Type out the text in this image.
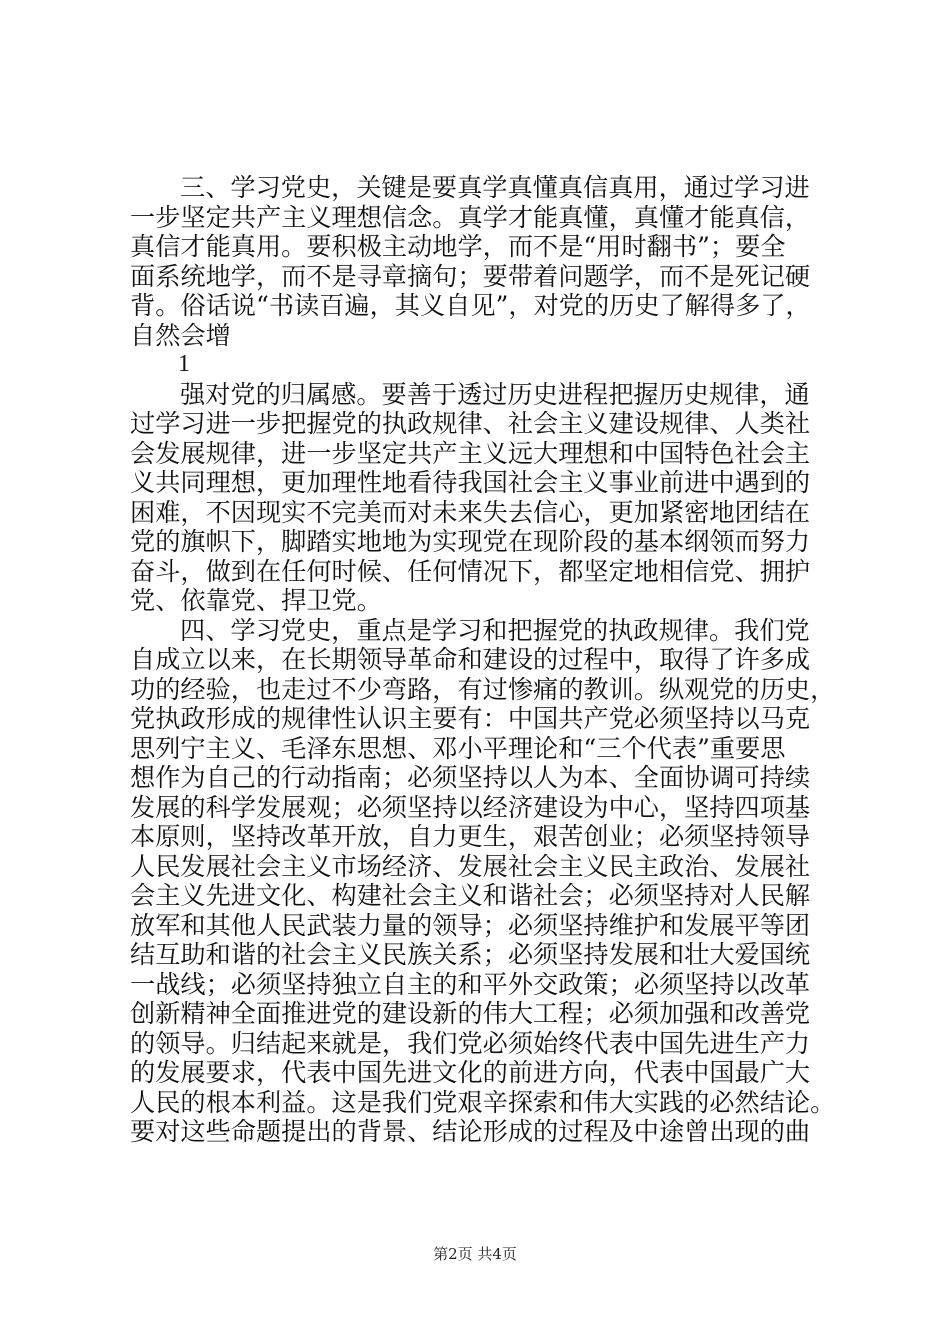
三、学习党史，关键是要真学真懂真信真用，通过学习进
一步坚定共产主义理想信念。真学才能真懂，真懂才能真信，
真信才能真用。要积极主动地学，而不是“用时翻书”；要全
面系统地学，而不是寻章摘句；要带着问题学，而不是死记硬
背。俗话说“书读百遍，其义自见”，对党的历史了解得多了，
自然会增
1
强对党的归属感。要善于透过历史进程把握历史规律，通
过学习进一步把握党的执政规律、社会主义建设规律、人类社
会发展规律，进一步坚定共产主义远大理想和中国特色社会主
义共同理想，更加理性地看待我国社会主义事业前进中遇到的
困难，不因现实不完美而对未来失去信心，更加紧密地团结在
党的旗帜下，脚踏实地地为实现党在现阶段的基本纲领而努力
奋斗，做到在任何时候、任何情况下，都坚定地相信党、拥护
党、依靠党、捍卫党。
四、学习党史，重点是学习和把握党的执政规律。我们党
自成立以来，在长期领导革命和建设的过程中，取得了许多成
功的经验，也走过不少弯路，有过惨痛的教训。纵观党的历史，
党执政形成的规律性认识主要有：中国共产党必须坚持以马克
思列宁主义、毛泽东思想、邓小平理论和“三个代表”重要思
想作为自己的行动指南；必须坚持以人为本、全面协调可持续
发展的科学发展观；必须坚持以经济建设为中心，坚持四项基
本原则，坚持改革开放，自力更生，艰苦创业；必须坚持领导
人民发展社会主义市场经济、发展社会主义民主政治、发展社
会主义先进文化、构建社会主义和谐社会；必须坚持对人民解
放军和其他人民武装力量的领导；必须坚持维护和发展平等团
结互助和谐的社会主义民族关系；必须坚持发展和壮大爱国统
一战线；必须坚持独立自主的和平外交政策；必须坚持以改革
创新精神全面推进党的建设新的伟大工程；必须加强和改善党
的领导。归结起来就是，我们党必须始终代表中国先进生产力
的发展要求，代表中国先进文化的前进方向，代表中国最广大
人民的根本利益。这是我们党艰辛探索和伟大实践的必然结论。
要对这些命题提出的背景、结论形成的过程及中途曾出现的曲
第2页 共4页
